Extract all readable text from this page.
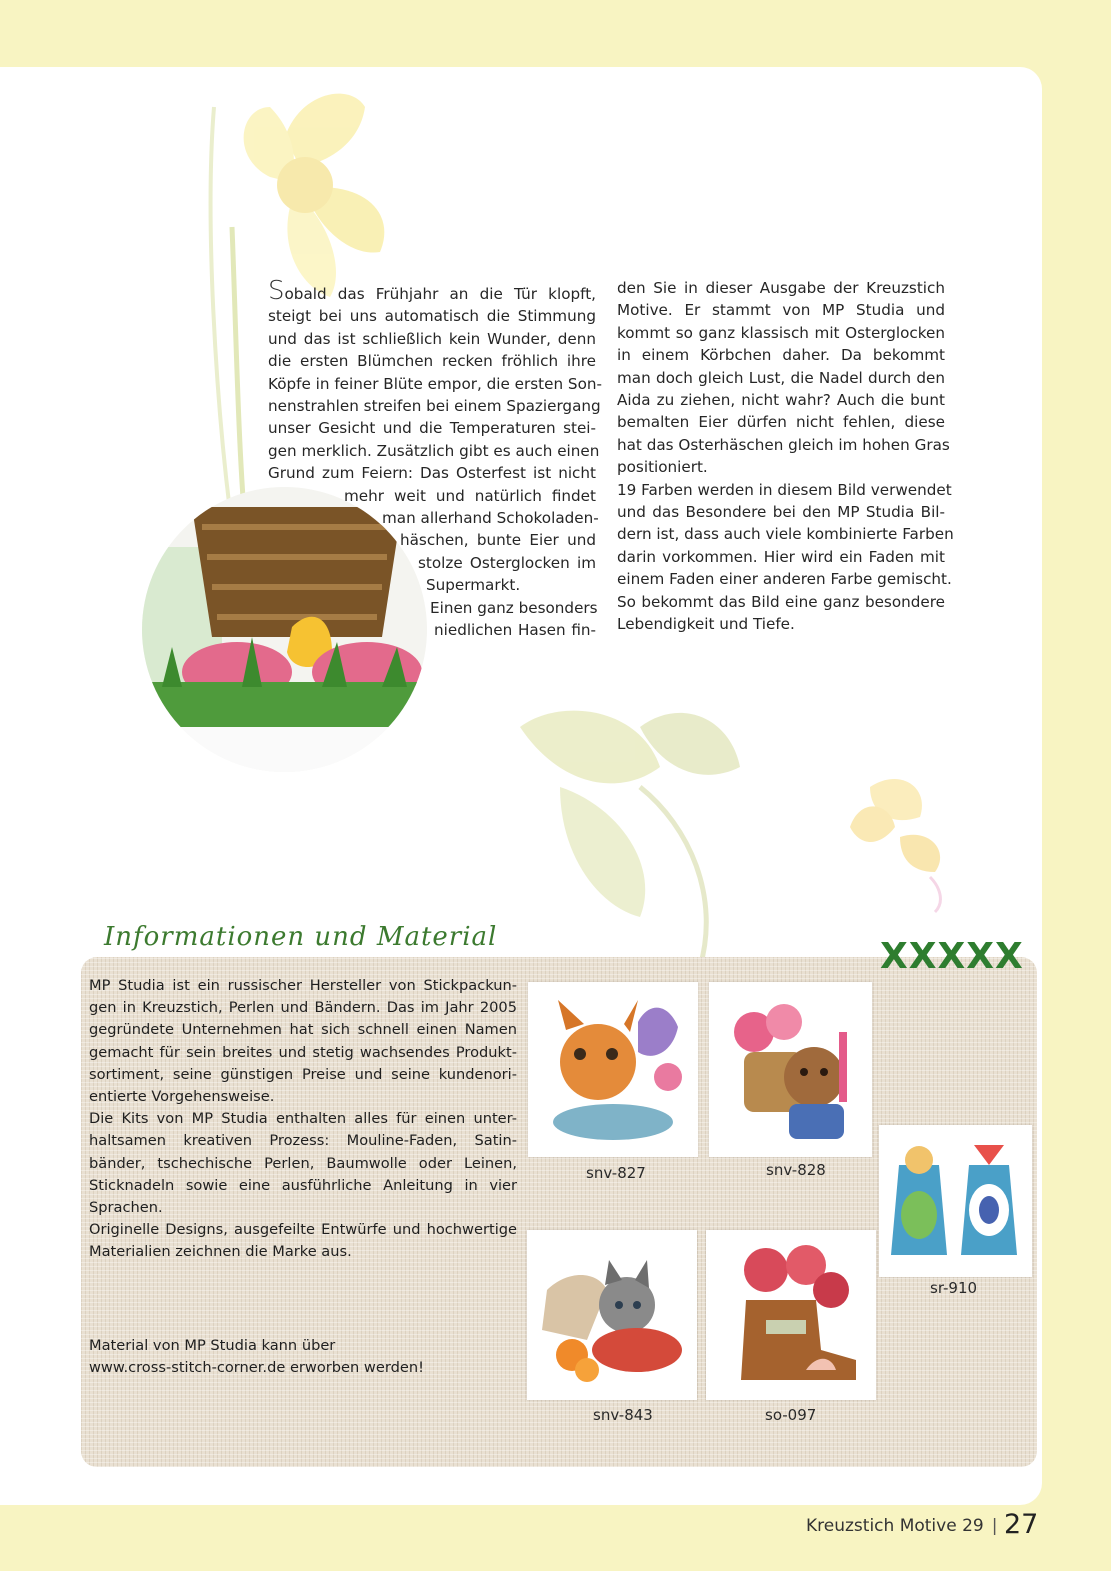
Sobald das Frühjahr an die Tür klopft,
steigt bei uns automatisch die Stimmung
und das ist schließlich kein Wunder, denn
die ersten Blümchen recken fröhlich ihre
Köpfe in feiner Blüte empor, die ersten Son-
nenstrahlen streifen bei einem Spaziergang
unser Gesicht und die Temperaturen stei-
gen merklich. Zusätzlich gibt es auch einen
Grund zum Feiern: Das Osterfest ist nicht
mehr weit und natürlich findet
man allerhand Schokoladen-
häschen, bunte Eier und
stolze Osterglocken im
Supermarkt.
Einen ganz besonders
niedlichen Hasen fin-
den Sie in dieser Ausgabe der Kreuzstich
Motive. Er stammt von MP Studia und
kommt so ganz klassisch mit Osterglocken
in einem Körbchen daher. Da bekommt
man doch gleich Lust, die Nadel durch den
Aida zu ziehen, nicht wahr? Auch die bunt
bemalten Eier dürfen nicht fehlen, diese
hat das Osterhäschen gleich im hohen Gras
positioniert.
19 Farben werden in diesem Bild verwendet
und das Besondere bei den MP Studia Bil-
dern ist, dass auch viele kombinierte Farben
darin vorkommen. Hier wird ein Faden mit
einem Faden einer anderen Farbe gemischt.
So bekommt das Bild eine ganz besondere
Lebendigkeit und Tiefe.
Informationen und Material	XXXXX
MP Studia ist ein russischer Hersteller von Stickpackun-
gen in Kreuzstich, Perlen und Bändern. Das im Jahr 2005
gegründete Unternehmen hat sich schnell einen Namen
gemacht für sein breites und stetig wachsendes Produkt-
sortiment, seine günstigen Preise und seine kundenori-
entierte Vorgehensweise.
Die Kits von MP Studia enthalten alles für einen unter-
haltsamen kreativen Prozess: Mouline-Faden, Satin-
bänder, tschechische Perlen, Baumwolle oder Leinen,
Sticknadeln sowie eine ausführliche Anleitung in vier
Sprachen.
Originelle Designs, ausgefeilte Entwürfe und hochwertige
Materialien zeichnen die Marke aus.
Material von MP Studia kann über
www.cross-stitch-corner.de erworben werden!
snv-827	snv-828
sr-910
snv-843	so-097
Kreuzstich Motive 29 | 27
